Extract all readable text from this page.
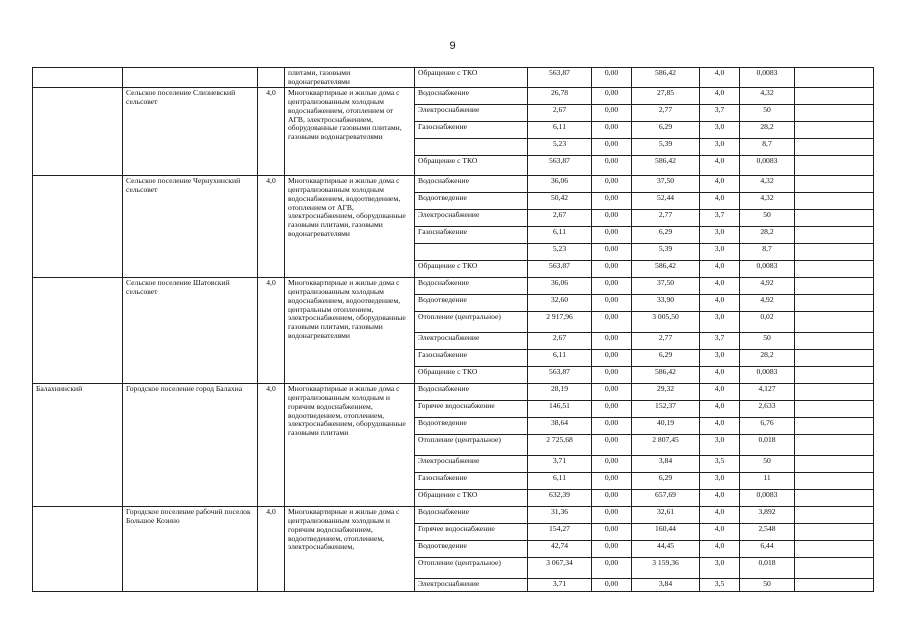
9
			плитами, газовыми водонагревателями	Обращение с ТКО	563,87	0,00	586,42	4,0	0,0083	
	Сельское поселение Слизневский сельсовет	4,0	Многоквартирные и жилые дома с централизованным холодным водоснабжением, отоплением от АГВ, электроснабжением, оборудованные газовыми плитами, газовыми водонагревателями	Водоснабжение	26,78	0,00	27,85	4,0	4,32	
				Электроснабжение	2,67	0,00	2,77	3,7	50	
				Газоснабжение	6,11	0,00	6,29	3,0	28,2	
					5,23	0,00	5,39	3,0	8,7	
				Обращение с ТКО	563,87	0,00	586,42	4,0	0,0083	
	Сельское поселение Чернухинский сельсовет	4,0	Многоквартирные и жилые дома с централизованным холодным водоснабжением, водоотведением, отоплением от АГВ, электроснабжением, оборудованные газовыми плитами, газовыми водонагревателями	Водоснабжение	36,06	0,00	37,50	4,0	4,32	
				Водоотведение	50,42	0,00	52,44	4,0	4,32	
				Электроснабжение	2,67	0,00	2,77	3,7	50	
				Газоснабжение	6,11	0,00	6,29	3,0	28,2	
					5,23	0,00	5,39	3,0	8,7	
				Обращение с ТКО	563,87	0,00	586,42	4,0	0,0083	
	Сельское поселение Шатовский сельсовет	4,0	Многоквартирные и жилые дома с централизованным холодным водоснабжением, водоотведением, центральным отоплением, электроснабжением, оборудованные газовыми плитами, газовыми водонагревателями	Водоснабжение	36,06	0,00	37,50	4,0	4,92	
				Водоотведение	32,60	0,00	33,90	4,0	4,92	
				Отопление (центральное)	2 917,96	0,00	3 005,50	3,0	0,02	
				Электроснабжение	2,67	0,00	2,77	3,7	50	
				Газоснабжение	6,11	0,00	6,29	3,0	28,2	
				Обращение с ТКО	563,87	0,00	586,42	4,0	0,0083	
Балахнинский	Городское поселение город Балахна	4,0	Многоквартирные и жилые дома с централизованным холодным и горячим водоснабжением, водоотведением, отоплением, электроснабжением, оборудованные газовыми плитами	Водоснабжение	28,19	0,00	29,32	4,0	4,127	
				Горячее водоснабжение	146,51	0,00	152,37	4,0	2,633	
				Водоотведение	38,64	0,00	40,19	4,0	6,76	
				Отопление (центральное)	2 725,68	0,00	2 807,45	3,0	0,018	
				Электроснабжение	3,71	0,00	3,84	3,5	50	
				Газоснабжение	6,11	0,00	6,29	3,0	11	
				Обращение с ТКО	632,39	0,00	657,69	4,0	0,0083	
	Городское поселение рабочий поселок Большое Козино	4,0	Многоквартирные и жилые дома с централизованным холодным и горячим водоснабжением, водоотведением, отоплением, электроснабжением,	Водоснабжение	31,36	0,00	32,61	4,0	3,892	
				Горячее водоснабжение	154,27	0,00	160,44	4,0	2,548	
				Водоотведение	42,74	0,00	44,45	4,0	6,44	
				Отопление (центральное)	3 067,34	0,00	3 159,36	3,0	0,018	
				Электроснабжение	3,71	0,00	3,84	3,5	50	
